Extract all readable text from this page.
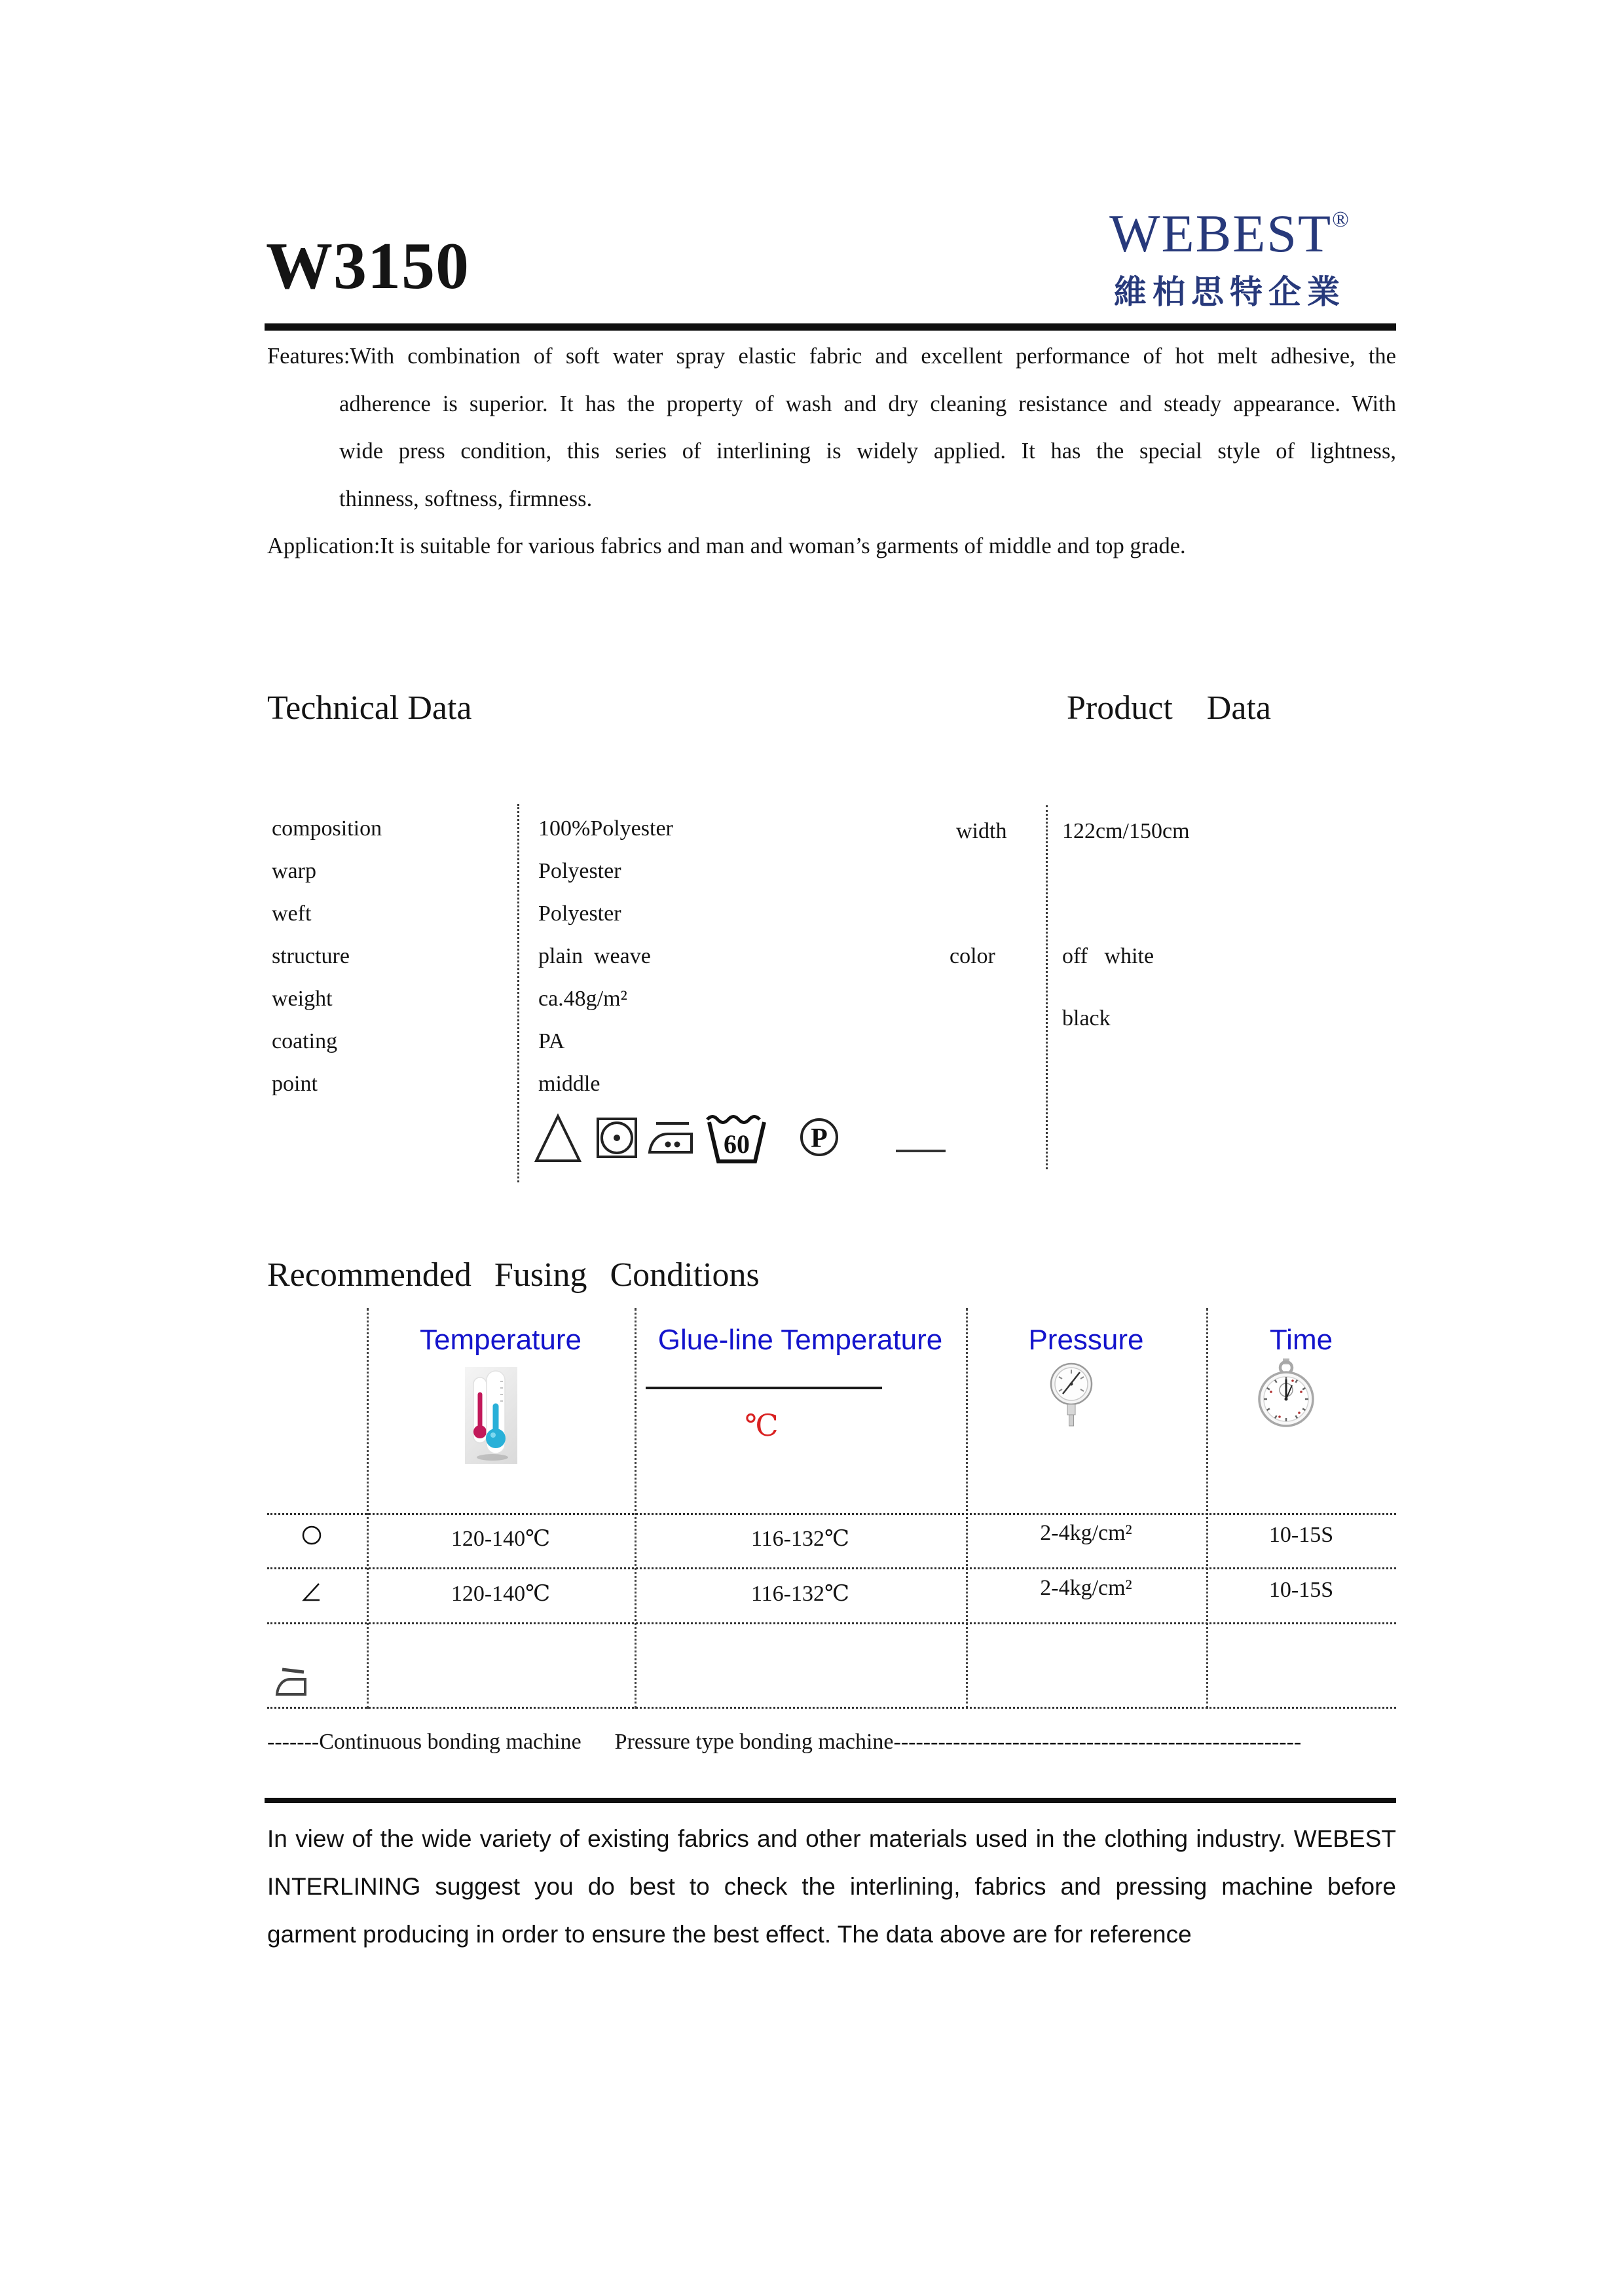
W3150	WEBEST®
維柏思特企業
Features:With combination of soft water spray elastic fabric and excellent performance of hot melt adhesive, the
adherence is superior. It has the property of wash and dry cleaning resistance and steady appearance. With
wide press condition, this series of interlining is widely applied. It has the special style of lightness,
thinness, softness, firmness.
Application:It is suitable for various fabrics and man and woman’s garments of middle and top grade.
Technical Data	Product    Data
composition	100%Polyester
warp	Polyester
weft	Polyester
structure	plain  weave
weight	ca.48g/m²
coating	PA
point	middle
width 122cm/150cm
color	off   white
black
60 P
Recommended Fusing Conditions
Temperature	Glue-line Temperature	Pressure	Time
℃
120-140℃	116-132℃	2-4kg/cm²	10-15S
120-140℃	116-132℃	2-4kg/cm²	10-15S
-------Continuous bonding machine      Pressure type bonding machine-------------------------------------------------------
In view of the wide variety of existing fabrics and other materials used in the clothing industry. WEBEST
INTERLINING suggest you do best to check the interlining, fabrics and pressing machine before
garment producing in order to ensure the best effect. The data above are for reference
